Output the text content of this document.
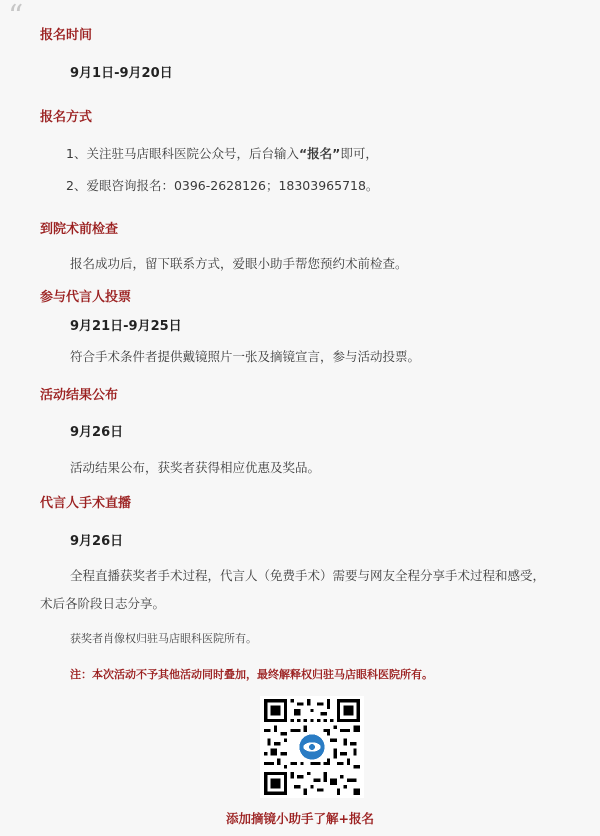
“
报名时间
9月1日-9月20日
报名方式
1、关注驻马店眼科医院公众号，后台输入“报名”即可，
2、爱眼咨询报名：0396-2628126；18303965718。
到院术前检查
报名成功后，留下联系方式，爱眼小助手帮您预约术前检查。
参与代言人投票
9月21日-9月25日
符合手术条件者提供戴镜照片一张及摘镜宣言，参与活动投票。
活动结果公布
9月26日
活动结果公布，获奖者获得相应优惠及奖品。
代言人手术直播
9月26日
全程直播获奖者手术过程，代言人（免费手术）需要与网友全程分享手术过程和感受，
术后各阶段日志分享。
获奖者肖像权归驻马店眼科医院所有。
注：本次活动不予其他活动同时叠加，最终解释权归驻马店眼科医院所有。
添加摘镜小助手了解+报名
